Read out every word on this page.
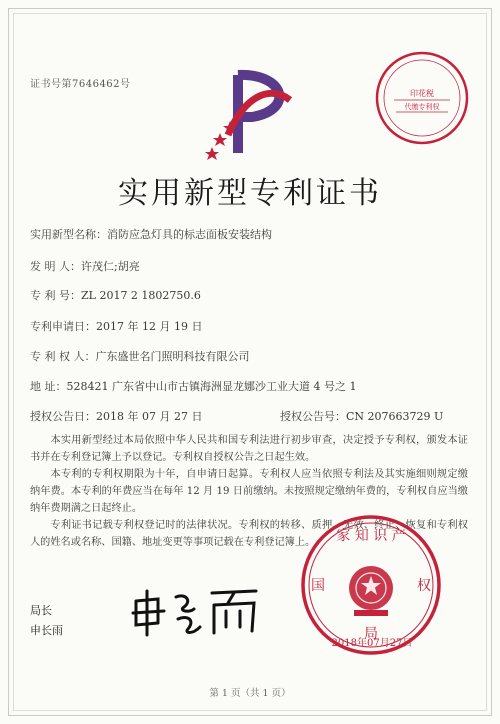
证书号第7646462号
印花税
代缴专利权
实用新型专利证书
实用新型名称：消防应急灯具的标志面板安装结构
发 明 人：许茂仁;胡亮
专 利 号：ZL 2017 2 1802750.6
专利申请日：2017 年 12 月 19 日
专 利 权 人：广东盛世名门照明科技有限公司
地 址：528421 广东省中山市古镇海洲显龙娜沙工业大道 4 号之 1
授权公告日：2018 年 07 月 27 日	授权公告号：CN 207663729 U

本实用新型经过本局依照中华人民共和国专利法进行初步审查，决定授予专利权，颁发本证书并在专利登记簿上予以登记。专利权自授权公告之日起生效。

本专利的专利权期限为十年，自申请日起算。专利权人应当依照专利法及其实施细则规定缴纳年费。本专利的年费应当在每年 12 月 19 日前缴纳。未按照规定缴纳年费的，专利权自应当缴纳年费期满之日起终止。

专利证书记载专利权登记时的法律状况。专利权的转移、质押、无效、终止、恢复和专利权人的姓名或名称、国籍、地址变更等事项记载在专利登记簿上。

局长
申长雨
家 知 识 产
国	权
局
2018年07月27日
第 1 页（共 1 页）
